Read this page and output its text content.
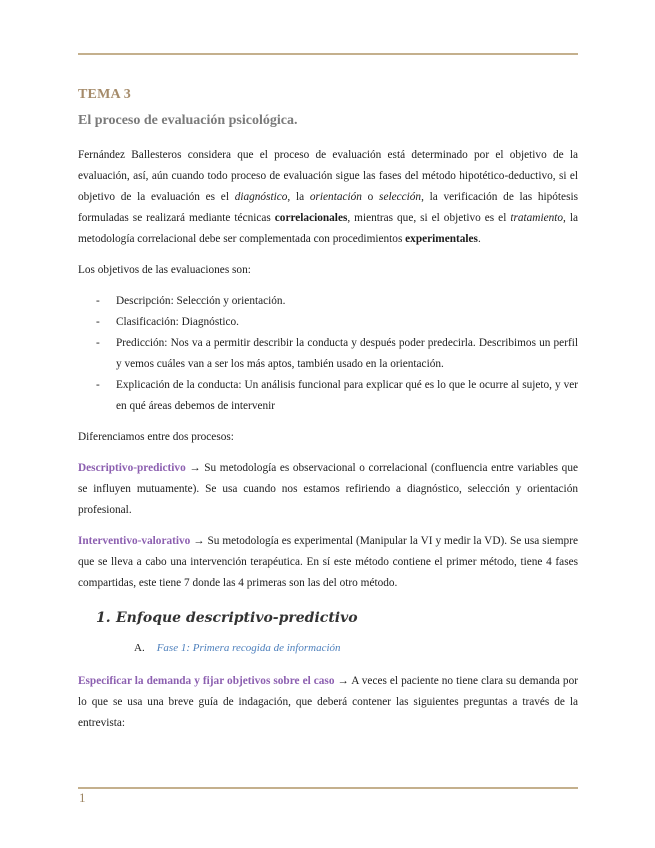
TEMA 3
El proceso de evaluación psicológica.

Fernández Ballesteros considera que el proceso de evaluación está determinado por el objetivo de la evaluación, así, aún cuando todo proceso de evaluación sigue las fases del método hipotético-deductivo, si el objetivo de la evaluación es el diagnóstico, la orientación o selección, la verificación de las hipótesis formuladas se realizará mediante técnicas correlacionales, mientras que, si el objetivo es el tratamiento, la metodología correlacional debe ser complementada con procedimientos experimentales.

Los objetivos de las evaluaciones son:

- Descripción: Selección y orientación.
- Clasificación: Diagnóstico.
- Predicción: Nos va a permitir describir la conducta y después poder predecirla. Describimos un perfil y vemos cuáles van a ser los más aptos, también usado en la orientación.
- Explicación de la conducta: Un análisis funcional para explicar qué es lo que le ocurre al sujeto, y ver en qué áreas debemos de intervenir

Diferenciamos entre dos procesos:

Descriptivo-predictivo → Su metodología es observacional o correlacional (confluencia entre variables que se influyen mutuamente). Se usa cuando nos estamos refiriendo a diagnóstico, selección y orientación profesional.

Interventivo-valorativo → Su metodología es experimental (Manipular la VI y medir la VD). Se usa siempre que se lleva a cabo una intervención terapéutica. En sí este método contiene el primer método, tiene 4 fases compartidas, este tiene 7 donde las 4 primeras son las del otro método.

1. Enfoque descriptivo-predictivo
A. Fase 1: Primera recogida de información

Especificar la demanda y fijar objetivos sobre el caso → A veces el paciente no tiene clara su demanda por lo que se usa una breve guía de indagación, que deberá contener las siguientes preguntas a través de la entrevista:

1
